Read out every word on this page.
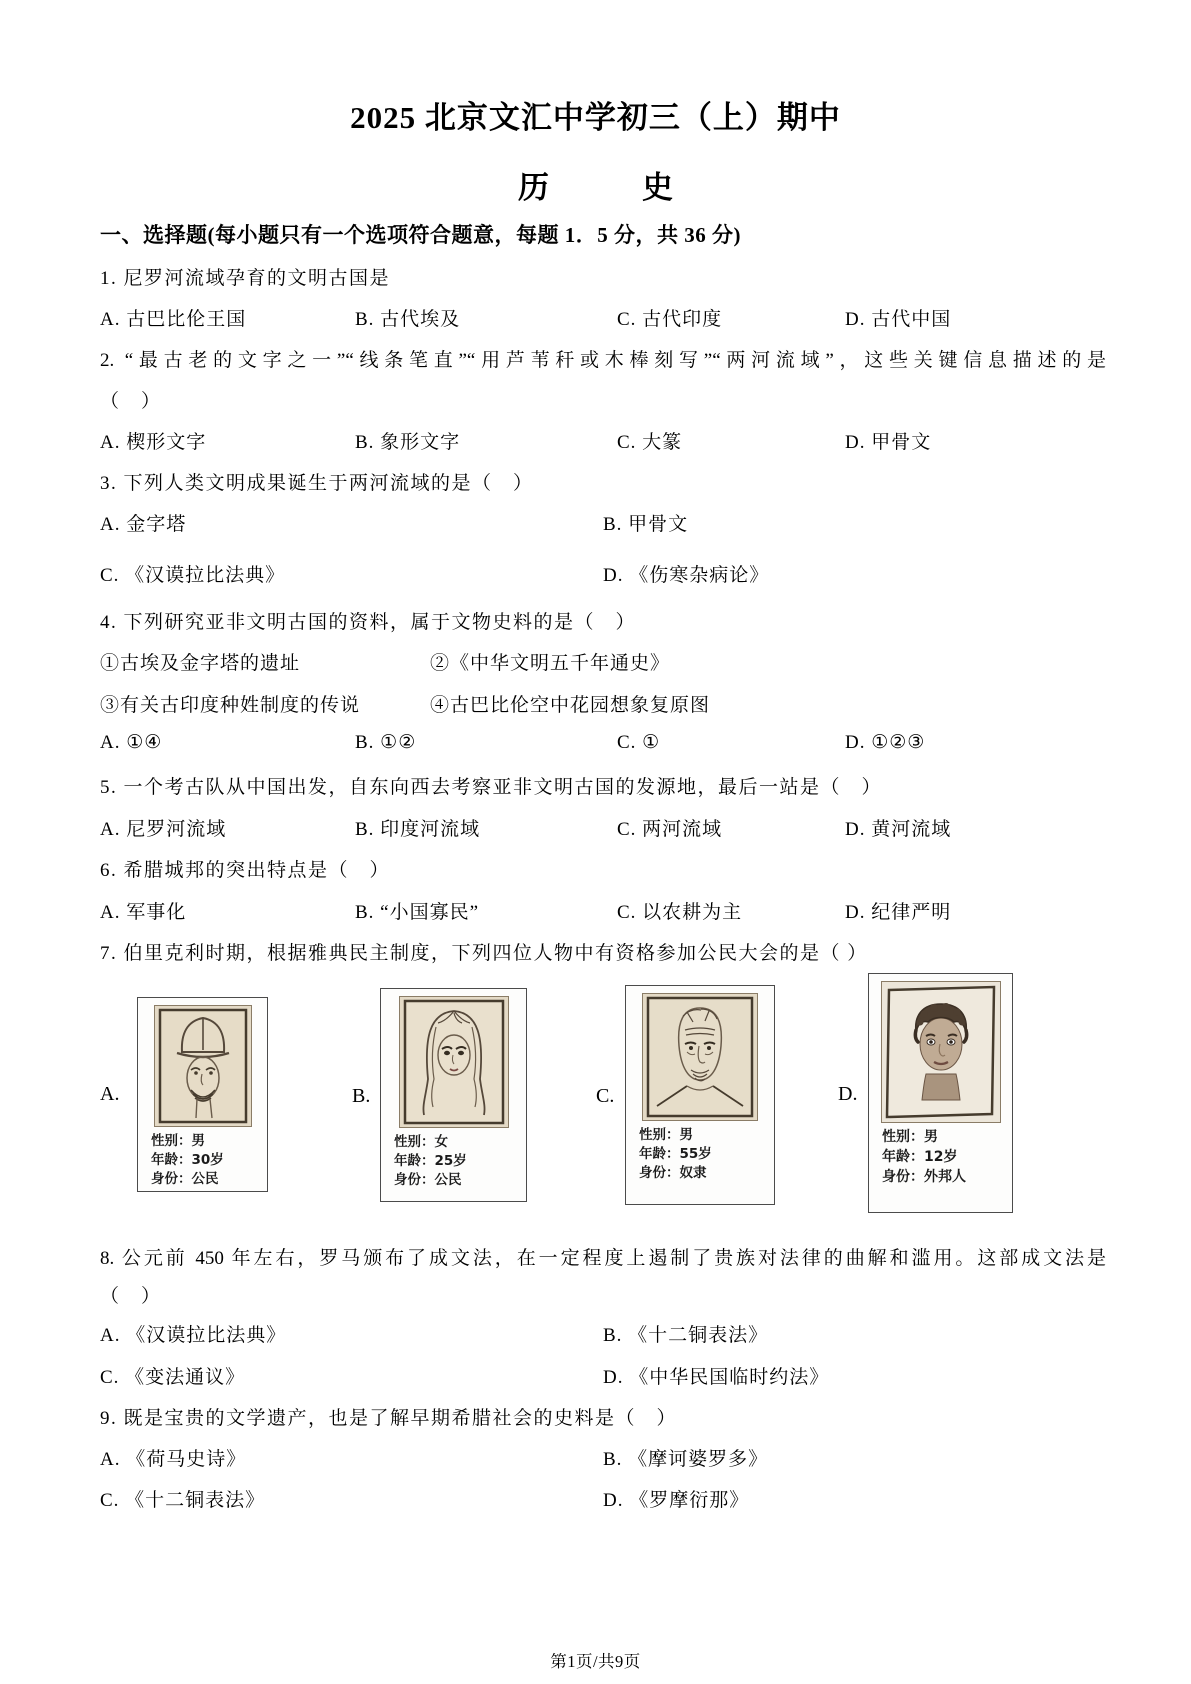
2025 北京文汇中学初三（上）期中
历　　　史
一、选择题(每小题只有一个选项符合题意，每题 1．5 分，共 36 分)
1. 尼罗河流域孕育的文明古国是
A. 古巴比伦王国	B. 古代埃及	C. 古代印度	D. 古代中国
2. “最古老的文字之一”“线条笔直”“用芦苇秆或木棒刻写”“两河流域”，这些关键信息描述的是
（　）
A. 楔形文字	B. 象形文字	C. 大篆	D. 甲骨文
3. 下列人类文明成果诞生于两河流域的是（　）
A. 金字塔	B. 甲骨文
C. 《汉谟拉比法典》	D. 《伤寒杂病论》
4. 下列研究亚非文明古国的资料，属于文物史料的是（　）
①古埃及金字塔的遗址	②《中华文明五千年通史》
③有关古印度种姓制度的传说	④古巴比伦空中花园想象复原图
A. ①④	B. ①②	C. ①	D. ①②③
5. 一个考古队从中国出发，自东向西去考察亚非文明古国的发源地，最后一站是（　）
A. 尼罗河流域	B. 印度河流域	C. 两河流域	D. 黄河流域
6. 希腊城邦的突出特点是（　）
A. 军事化	B. “小国寡民”	C. 以农耕为主	D. 纪律严明
7. 伯里克利时期，根据雅典民主制度，下列四位人物中有资格参加公民大会的是（ ）
A.
性别：男
年龄：30岁
身份：公民
B.
性别：女
年龄：25岁
身份：公民
C.
性别：男
年龄：55岁
身份：奴隶
D.
性别：男
年龄：12岁
身份：外邦人
8. 公元前 450 年左右，罗马颁布了成文法，在一定程度上遏制了贵族对法律的曲解和滥用。这部成文法是
（　）
A. 《汉谟拉比法典》	B. 《十二铜表法》
C. 《变法通议》	D. 《中华民国临时约法》
9. 既是宝贵的文学遗产，也是了解早期希腊社会的史料是（　）
A. 《荷马史诗》	B. 《摩诃婆罗多》
C. 《十二铜表法》	D. 《罗摩衍那》
第1页/共9页
